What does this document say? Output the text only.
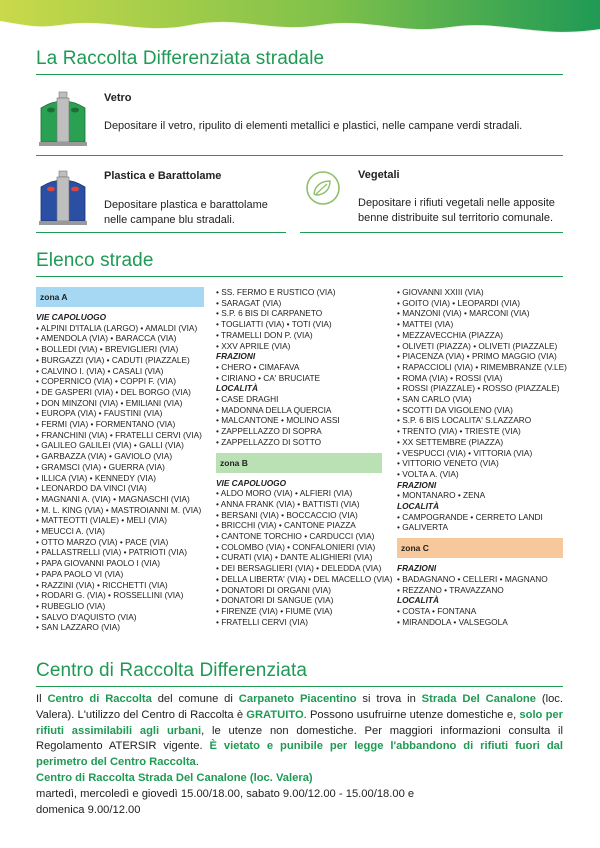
La Raccolta Differenziata stradale
Vetro
Depositare il vetro, ripulito di elementi metallici e plastici, nelle campane verdi stradali.
Plastica e Barattolame
Depositare plastica e barattolame nelle campane blu stradali.
Vegetali
Depositare i rifiuti vegetali nelle apposite benne distribuite sul territorio comunale.
Elenco strade
zona A
VIE CAPOLUOGO
• ALPINI D'ITALIA (LARGO) • AMALDI (VIA)
• AMENDOLA (VIA) • BARACCA (VIA)
• BOLLEDI (VIA) • BREVIGLIERI (VIA)
• BURGAZZI (VIA) • CADUTI (PIAZZALE)
• CALVINO I. (VIA) • CASALI (VIA)
• COPERNICO (VIA) • COPPI F. (VIA)
• DE GASPERI (VIA) • DEL BORGO (VIA)
• DON MINZONI (VIA) • EMILIANI (VIA)
• EUROPA (VIA) • FAUSTINI (VIA)
• FERMI (VIA) • FORMENTANO (VIA)
• FRANCHINI (VIA) • FRATELLI CERVI (VIA)
• GALILEO GALILEI (VIA) • GALLI (VIA)
• GARBAZZA (VIA) • GAVIOLO (VIA)
• GRAMSCI (VIA) • GUERRA (VIA)
• ILLICA (VIA) • KENNEDY (VIA)
• LEONARDO DA VINCI (VIA)
• MAGNANI A. (VIA) • MAGNASCHI (VIA)
• M. L. KING (VIA) • MASTROIANNI M. (VIA)
• MATTEOTTI (VIALE) • MELI (VIA)
• MEUCCI A. (VIA)
• OTTO MARZO (VIA) • PACE (VIA)
• PALLASTRELLI (VIA) • PATRIOTI (VIA)
• PAPA GIOVANNI PAOLO I (VIA)
• PAPA PAOLO VI (VIA)
• RAZZINI (VIA) • RICCHETTI (VIA)
• RODARI G. (VIA) • ROSSELLINI (VIA)
• RUBEGLIO (VIA)
• SALVO D'AQUISTO (VIA)
• SAN LAZZARO (VIA)
• SS. FERMO E RUSTICO (VIA)
• SARAGAT (VIA)
• S.P. 6 BIS DI CARPANETO
• TOGLIATTI (VIA) • TOTI (VIA)
• TRAMELLI DON P. (VIA)
• XXV APRILE (VIA)
FRAZIONI
• CHERO • CIMAFAVA
• CIRIANO • CA' BRUCIATE
LOCALITÀ
• CASE DRAGHI
• MADONNA DELLA QUERCIA
• MALCANTONE • MOLINO ASSI
• ZAPPELLAZZO DI SOPRA
• ZAPPELLAZZO DI SOTTO
zona B
VIE CAPOLUOGO
• ALDO MORO (VIA) • ALFIERI (VIA)
• ANNA FRANK (VIA) • BATTISTI (VIA)
• BERSANI (VIA) • BOCCACCIO (VIA)
• BRICCHI (VIA) • CANTONE PIAZZA
• CANTONE TORCHIO • CARDUCCI (VIA)
• COLOMBO (VIA) • CONFALONIERI (VIA)
• CURATI (VIA) • DANTE ALIGHIERI (VIA)
• DEI BERSAGLIERI (VIA) • DELEDDA (VIA)
• DELLA LIBERTA' (VIA) • DEL MACELLO (VIA)
• DONATORI DI ORGANI (VIA)
• DONATORI DI SANGUE (VIA)
• FIRENZE (VIA) • FIUME (VIA)
• FRATELLI CERVI (VIA)
• GIOVANNI XXIII (VIA)
• GOITO (VIA) • LEOPARDI (VIA)
• MANZONI (VIA) • MARCONI (VIA)
• MATTEI (VIA)
• MEZZAVECCHIA (PIAZZA)
• OLIVETI (PIAZZA) • OLIVETI (PIAZZALE)
• PIACENZA (VIA) • PRIMO MAGGIO (VIA)
• RAPACCIOLI (VIA) • RIMEMBRANZE (V.LE)
• ROMA (VIA) • ROSSI (VIA)
• ROSSI (PIAZZALE) • ROSSO (PIAZZALE)
• SAN CARLO (VIA)
• SCOTTI DA VIGOLENO (VIA)
• S.P. 6 BIS LOCALITA' S.LAZZARO
• TRENTO (VIA) • TRIESTE (VIA)
• XX SETTEMBRE (PIAZZA)
• VESPUCCI (VIA) • VITTORIA (VIA)
• VITTORIO VENETO (VIA)
• VOLTA A. (VIA)
FRAZIONI
• MONTANARO • ZENA
LOCALITÀ
• CAMPOGRANDE • CERRETO LANDI
• GALIVERTA
zona C
FRAZIONI
• BADAGNANO • CELLERI • MAGNANO
• REZZANO • TRAVAZZANO
LOCALITÀ
• COSTA • FONTANA
• MIRANDOLA • VALSEGOLA
Centro di Raccolta Differenziata
Il Centro di Raccolta del comune di Carpaneto Piacentino si trova in Strada Del Canalone (loc. Valera). L'utilizzo del Centro di Raccolta è GRATUITO. Possono usufruirne utenze domestiche e, solo per rifiuti assimilabili agli urbani, le utenze non domestiche. Per maggiori informazioni consulta il Regolamento ATERSIR vigente. È vietato e punibile per legge l'abbandono di rifiuti fuori dal perimetro del Centro Raccolta.
Centro di Raccolta Strada Del Canalone (loc. Valera)
martedì, mercoledì e giovedì 15.00/18.00, sabato 9.00/12.00 - 15.00/18.00 e domenica 9.00/12.00
